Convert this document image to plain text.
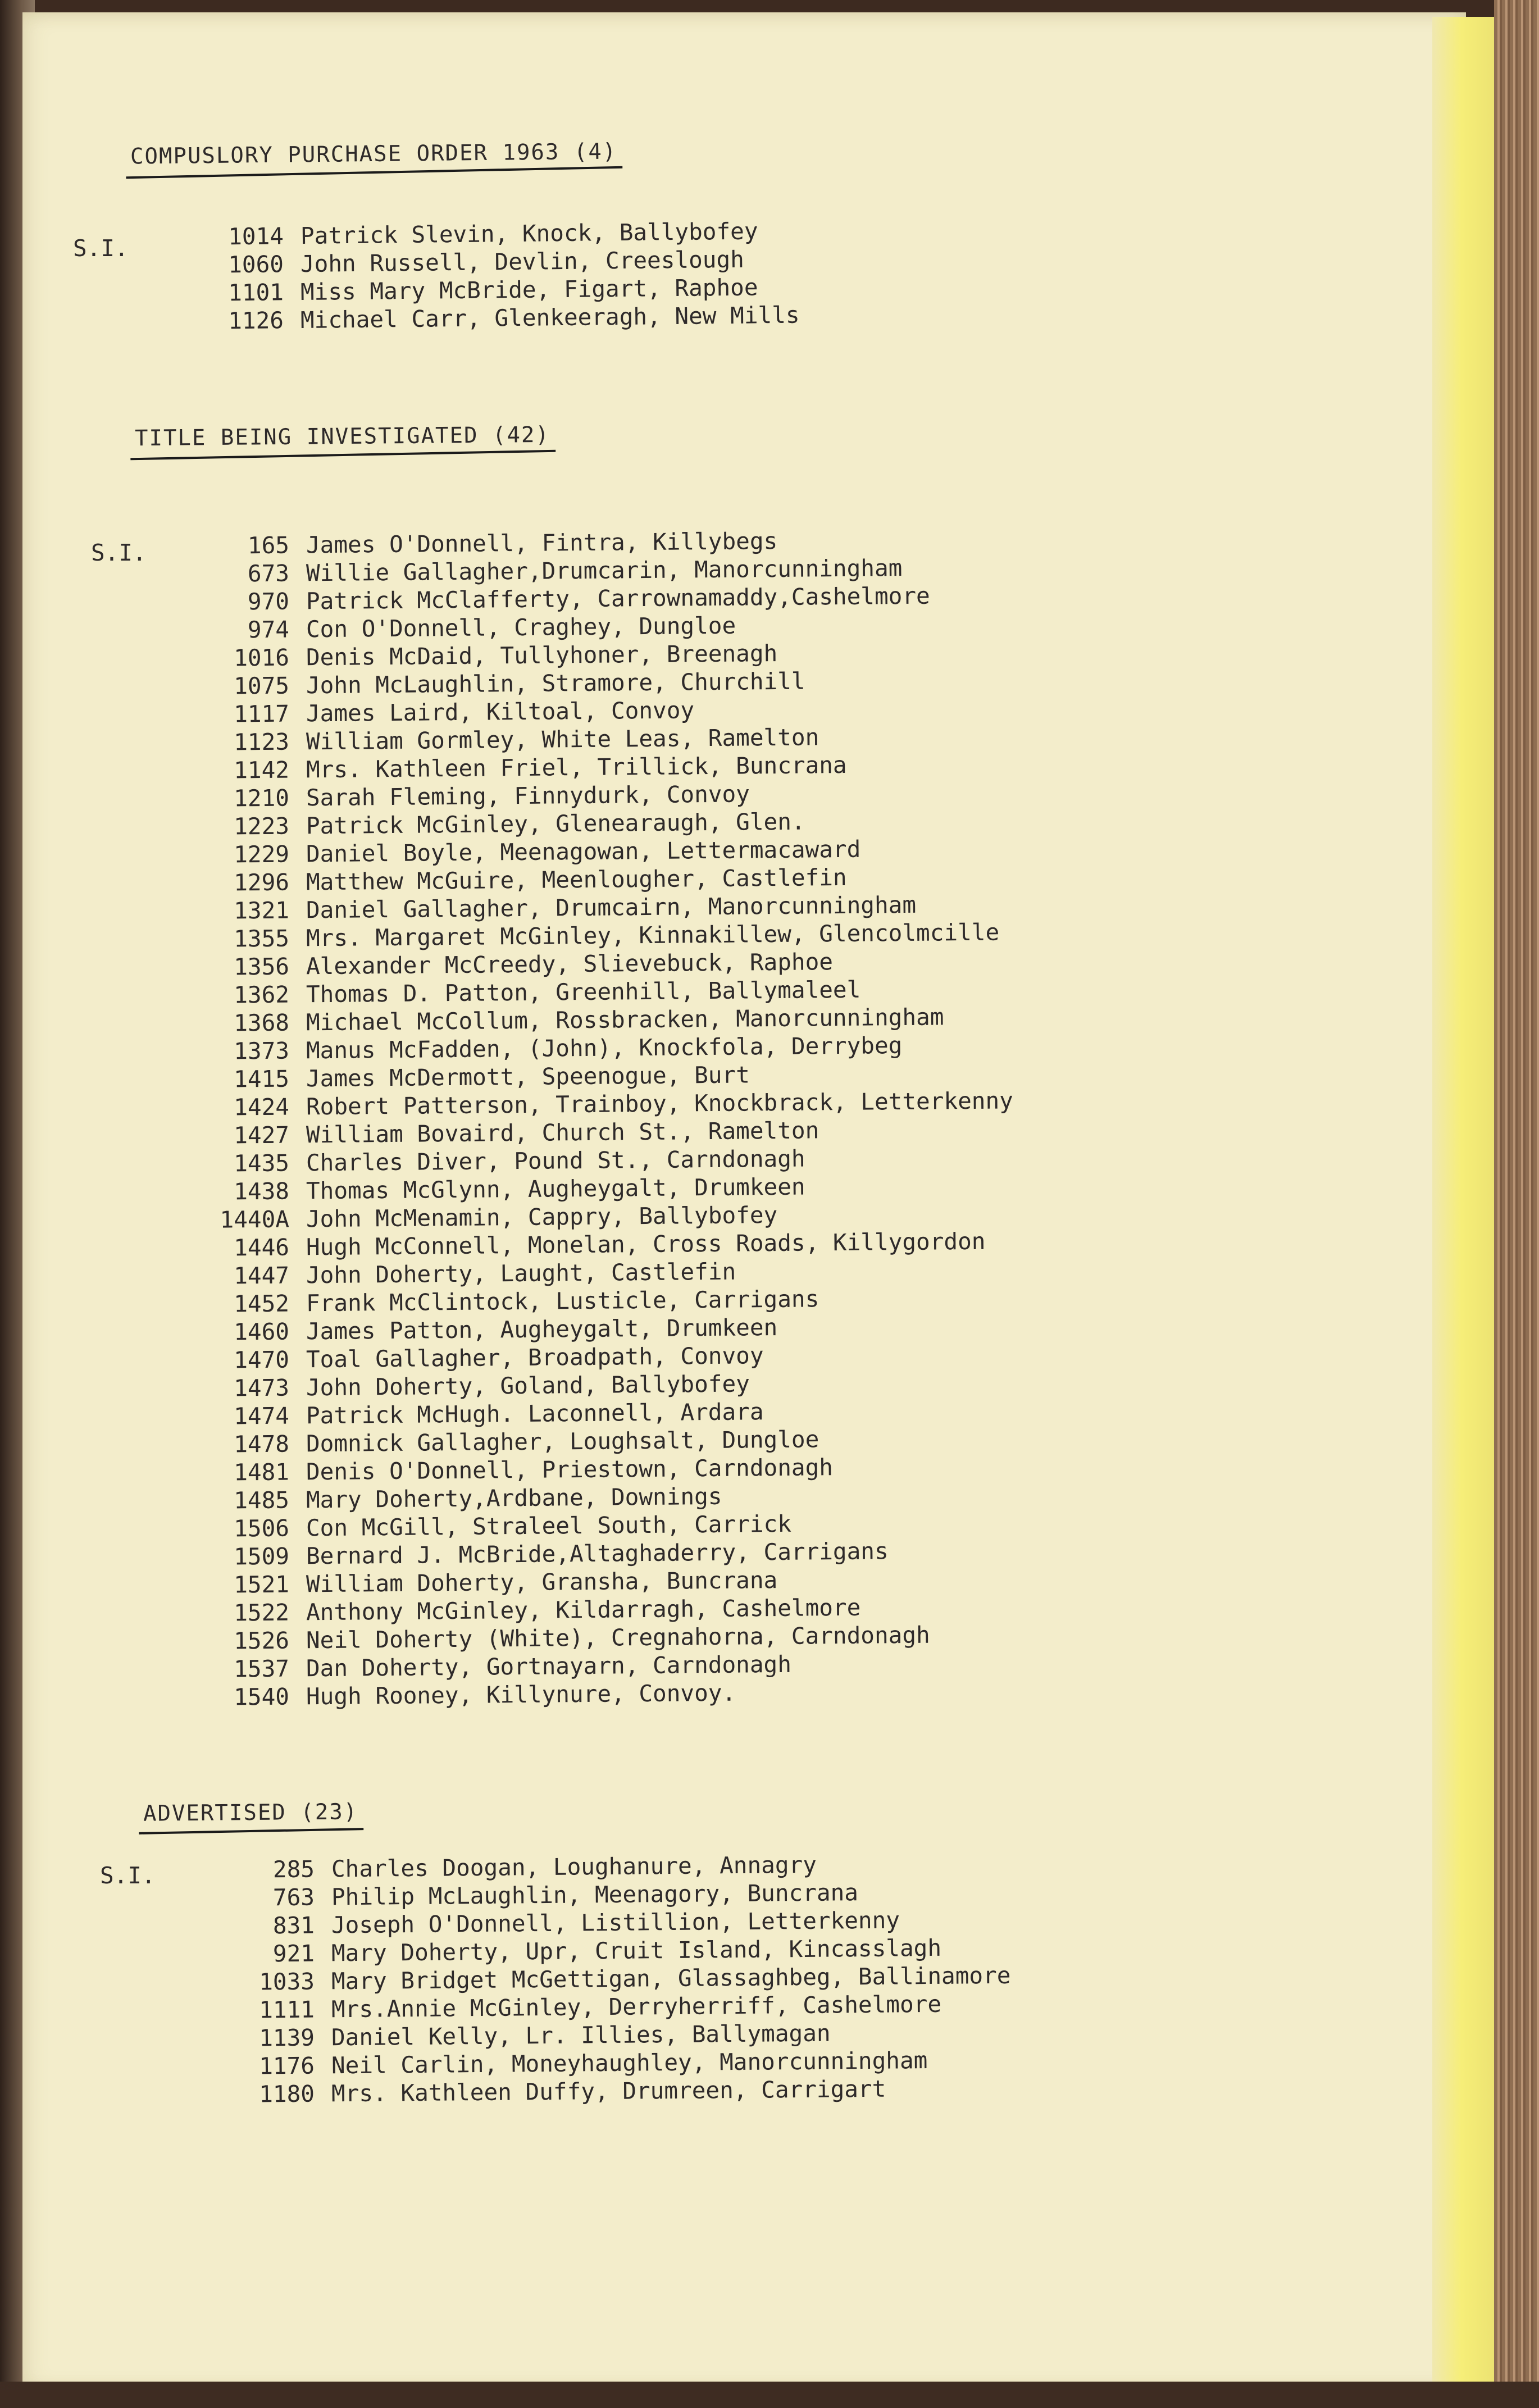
COMPUSLORY PURCHASE ORDER 1963 (4)
S.I.	1014 Patrick Slevin, Knock, Ballybofey
1060 John Russell, Devlin, Creeslough
1101 Miss Mary McBride, Figart, Raphoe
1126 Michael Carr, Glenkeeragh, New Mills
TITLE BEING INVESTIGATED (42)
S.I.	165 James O'Donnell, Fintra, Killybegs
673 Willie Gallagher,Drumcarin, Manorcunningham
970 Patrick McClafferty, Carrownamaddy,Cashelmore
974 Con O'Donnell, Craghey, Dungloe
1016 Denis McDaid, Tullyhoner, Breenagh
1075 John McLaughlin, Stramore, Churchill
1117 James Laird, Kiltoal, Convoy
1123 William Gormley, White Leas, Ramelton
1142 Mrs. Kathleen Friel, Trillick, Buncrana
1210 Sarah Fleming, Finnydurk, Convoy
1223 Patrick McGinley, Glenearaugh, Glen.
1229 Daniel Boyle, Meenagowan, Lettermacaward
1296 Matthew McGuire, Meenlougher, Castlefin
1321 Daniel Gallagher, Drumcairn, Manorcunningham
1355 Mrs. Margaret McGinley, Kinnakillew, Glencolmcille
1356 Alexander McCreedy, Slievebuck, Raphoe
1362 Thomas D. Patton, Greenhill, Ballymaleel
1368 Michael McCollum, Rossbracken, Manorcunningham
1373 Manus McFadden, (John), Knockfola, Derrybeg
1415 James McDermott, Speenogue, Burt
1424 Robert Patterson, Trainboy, Knockbrack, Letterkenny
1427 William Bovaird, Church St., Ramelton
1435 Charles Diver, Pound St., Carndonagh
1438 Thomas McGlynn, Augheygalt, Drumkeen
1440A John McMenamin, Cappry, Ballybofey
1446 Hugh McConnell, Monelan, Cross Roads, Killygordon
1447 John Doherty, Laught, Castlefin
1452 Frank McClintock, Lusticle, Carrigans
1460 James Patton, Augheygalt, Drumkeen
1470 Toal Gallagher, Broadpath, Convoy
1473 John Doherty, Goland, Ballybofey
1474 Patrick McHugh. Laconnell, Ardara
1478 Domnick Gallagher, Loughsalt, Dungloe
1481 Denis O'Donnell, Priestown, Carndonagh
1485 Mary Doherty,Ardbane, Downings
1506 Con McGill, Straleel South, Carrick
1509 Bernard J. McBride,Altaghaderry, Carrigans
1521 William Doherty, Gransha, Buncrana
1522 Anthony McGinley, Kildarragh, Cashelmore
1526 Neil Doherty (White), Cregnahorna, Carndonagh
1537 Dan Doherty, Gortnayarn, Carndonagh
1540 Hugh Rooney, Killynure, Convoy.
ADVERTISED (23)
S.I.	285 Charles Doogan, Loughanure, Annagry
763 Philip McLaughlin, Meenagory, Buncrana
831 Joseph O'Donnell, Listillion, Letterkenny
921 Mary Doherty, Upr, Cruit Island, Kincasslagh
1033 Mary Bridget McGettigan, Glassaghbeg, Ballinamore
1111 Mrs.Annie McGinley, Derryherriff, Cashelmore
1139 Daniel Kelly, Lr. Illies, Ballymagan
1176 Neil Carlin, Moneyhaughley, Manorcunningham
1180 Mrs. Kathleen Duffy, Drumreen, Carrigart
